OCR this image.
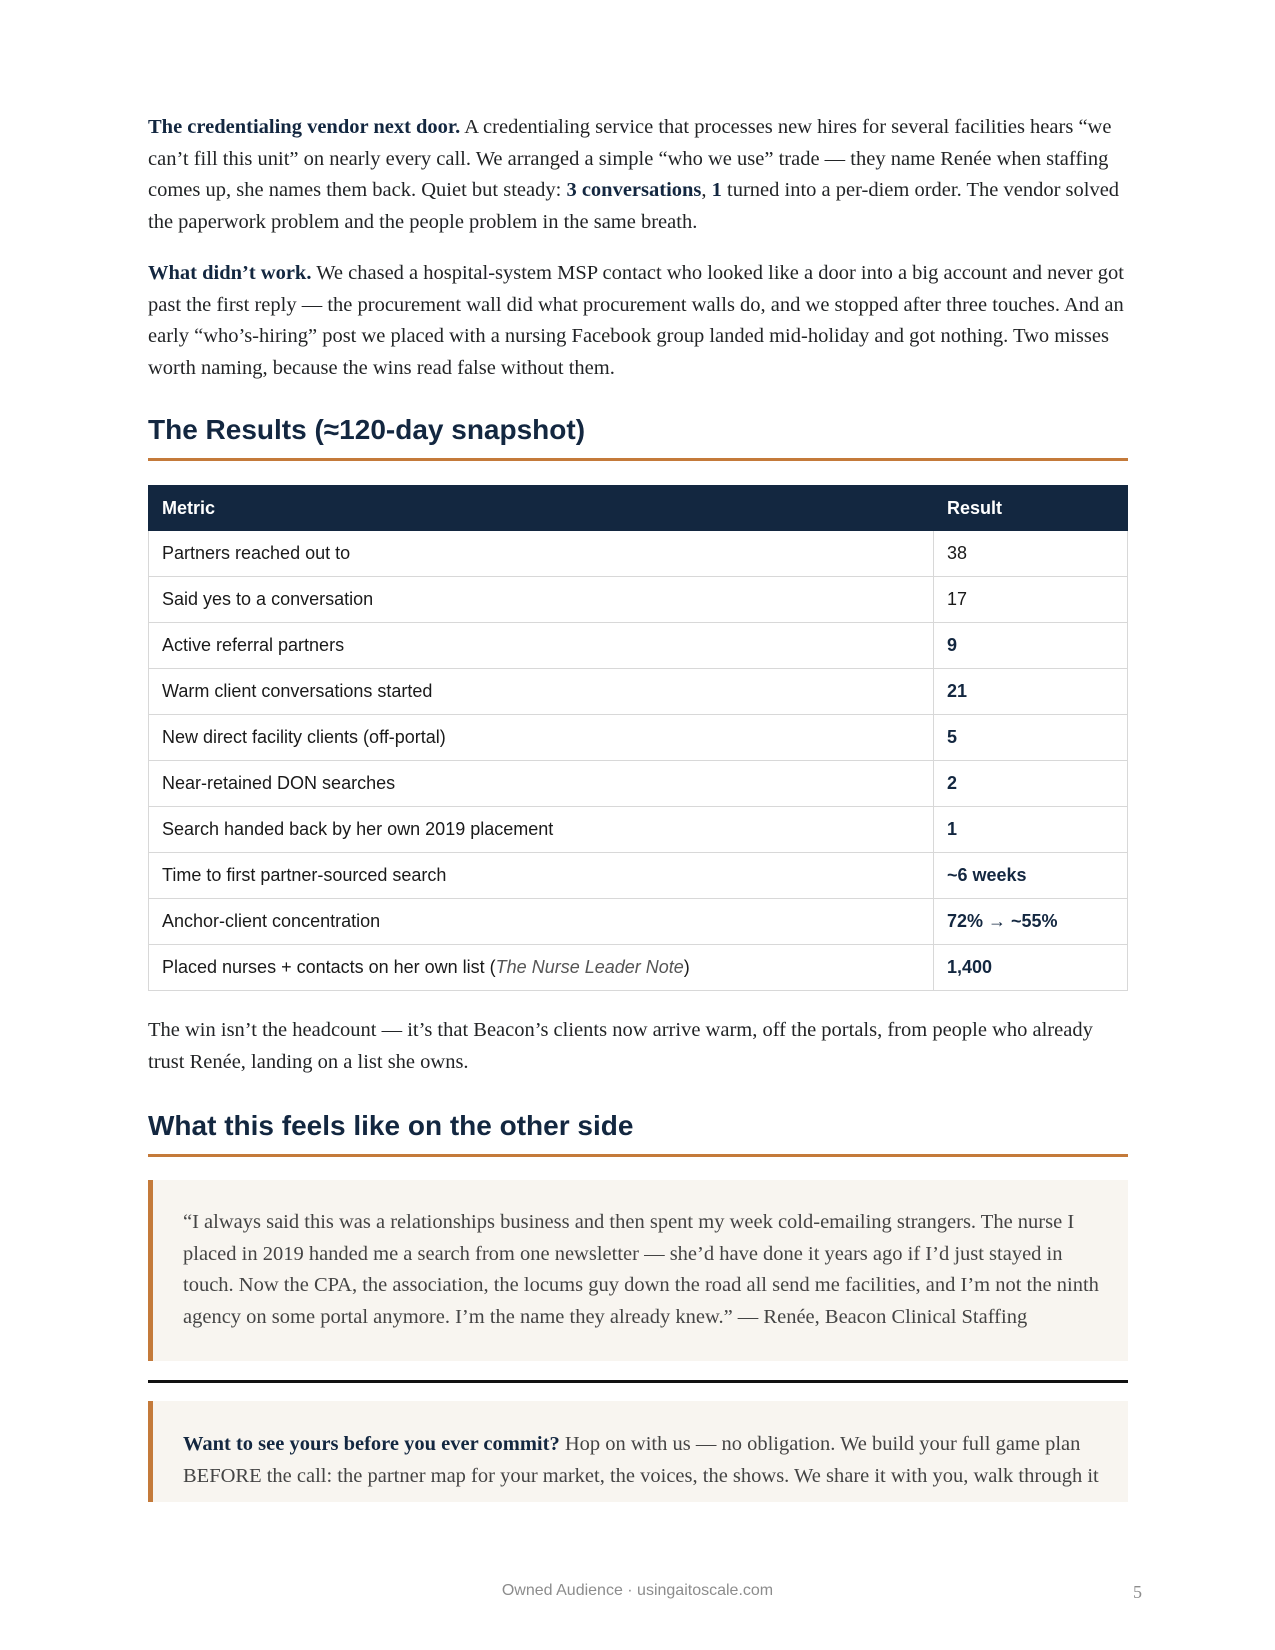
The credentialing vendor next door. A credentialing service that processes new hires for several facilities hears “we can’t fill this unit” on nearly every call. We arranged a simple “who we use” trade — they name Renée when staffing comes up, she names them back. Quiet but steady: 3 conversations, 1 turned into a per-diem order. The vendor solved the paperwork problem and the people problem in the same breath.

What didn’t work. We chased a hospital-system MSP contact who looked like a door into a big account and never got past the first reply — the procurement wall did what procurement walls do, and we stopped after three touches. And an early “who’s-hiring” post we placed with a nursing Facebook group landed mid-holiday and got nothing. Two misses worth naming, because the wins read false without them.

The Results (≈120-day snapshot)
Metric	Result
Partners reached out to	38
Said yes to a conversation	17
Active referral partners	9
Warm client conversations started	21
New direct facility clients (off-portal)	5
Near-retained DON searches	2
Search handed back by her own 2019 placement	1
Time to first partner-sourced search	~6 weeks
Anchor-client concentration	72% → ~55%
Placed nurses + contacts on her own list (The Nurse Leader Note)	1,400

The win isn’t the headcount — it’s that Beacon’s clients now arrive warm, off the portals, from people who already trust Renée, landing on a list she owns.

What this feels like on the other side

“I always said this was a relationships business and then spent my week cold-emailing strangers. The nurse I placed in 2019 handed me a search from one newsletter — she’d have done it years ago if I’d just stayed in touch. Now the CPA, the association, the locums guy down the road all send me facilities, and I’m not the ninth agency on some portal anymore. I’m the name they already knew.” — Renée, Beacon Clinical Staffing

Want to see yours before you ever commit? Hop on with us — no obligation. We build your full game plan BEFORE the call: the partner map for your market, the voices, the shows. We share it with you, walk through it

Owned Audience · usingaitoscale.com	5
